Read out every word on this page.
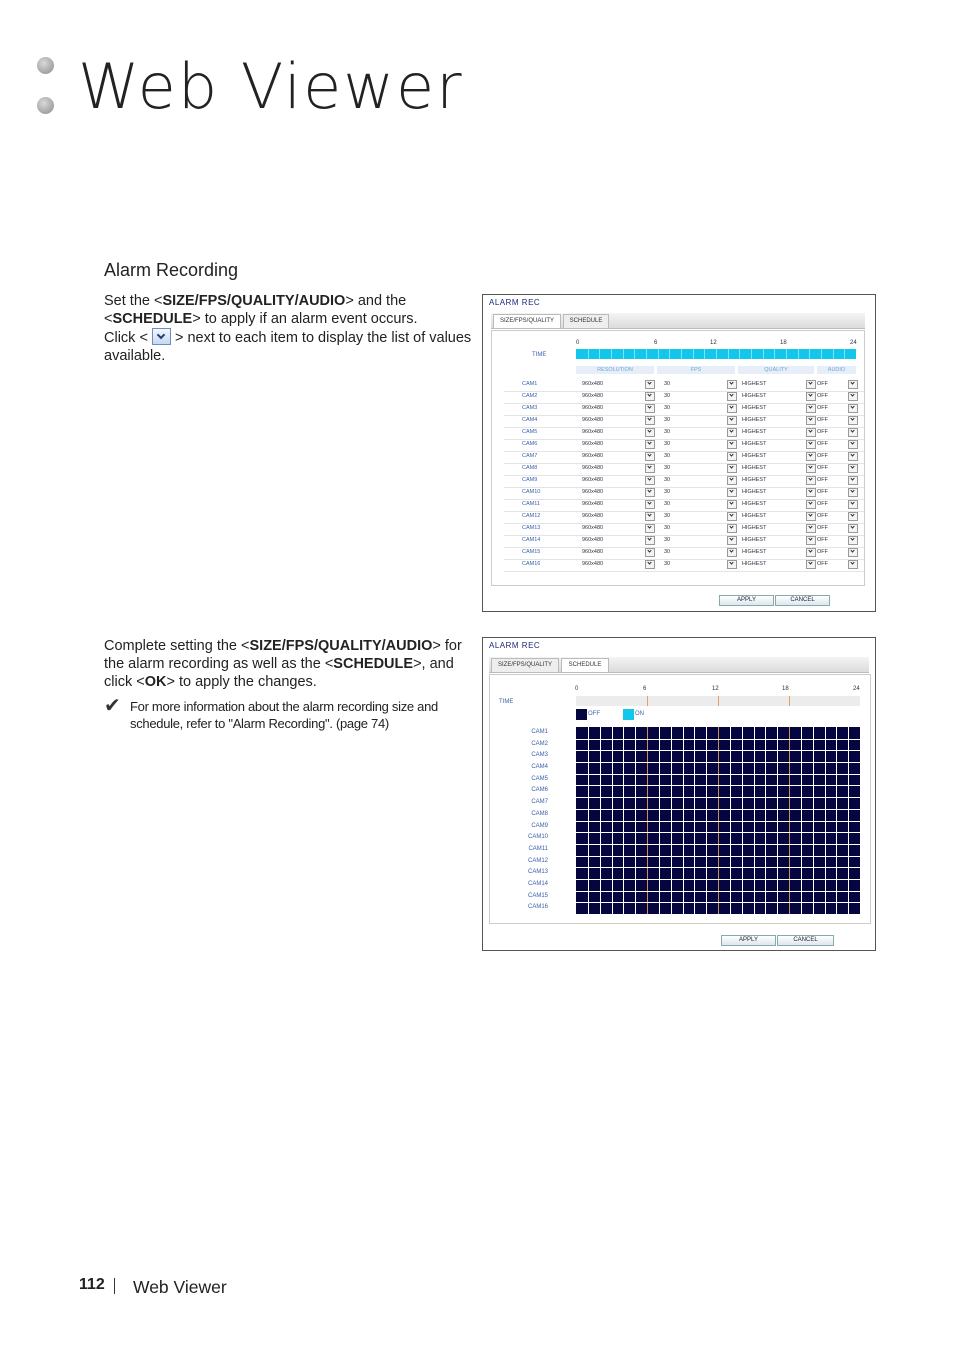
Web Viewer
Alarm Recording
Set the <SIZE/FPS/QUALITY/AUDIO> and the <SCHEDULE> to apply if an alarm event occurs.
Click < > next to each item to display the list of values available.
Complete setting the <SIZE/FPS/QUALITY/AUDIO> for the alarm recording as well as the <SCHEDULE>, and click <OK> to apply the changes.
✔ For more information about the alarm recording size and schedule, refer to "Alarm Recording". (page 74)
ALARM REC
SIZE/FPS/QUALITY	SCHEDULE
TIME
0	6	12	18	24
RESOLUTION	FPS	QUALITY	AUDIO
CAM1	960x480	30	HIGHEST	OFF
CAM2	960x480	30	HIGHEST	OFF
CAM3	960x480	30	HIGHEST	OFF
CAM4	960x480	30	HIGHEST	OFF
CAM5	960x480	30	HIGHEST	OFF
CAM6	960x480	30	HIGHEST	OFF
CAM7	960x480	30	HIGHEST	OFF
CAM8	960x480	30	HIGHEST	OFF
CAM9	960x480	30	HIGHEST	OFF
CAM10	960x480	30	HIGHEST	OFF
CAM11	960x480	30	HIGHEST	OFF
CAM12	960x480	30	HIGHEST	OFF
CAM13	960x480	30	HIGHEST	OFF
CAM14	960x480	30	HIGHEST	OFF
CAM15	960x480	30	HIGHEST	OFF
CAM16	960x480	30	HIGHEST	OFF
APPLY	CANCEL
ALARM REC
SIZE/FPS/QUALITY	SCHEDULE
TIME
0	6	12	18	24
OFF	ON
CAM1
CAM2
CAM3
CAM4
CAM5
CAM6
CAM7
CAM8
CAM9
CAM10
CAM11
CAM12
CAM13
CAM14
CAM15
CAM16
APPLY	CANCEL
112 Web Viewer
